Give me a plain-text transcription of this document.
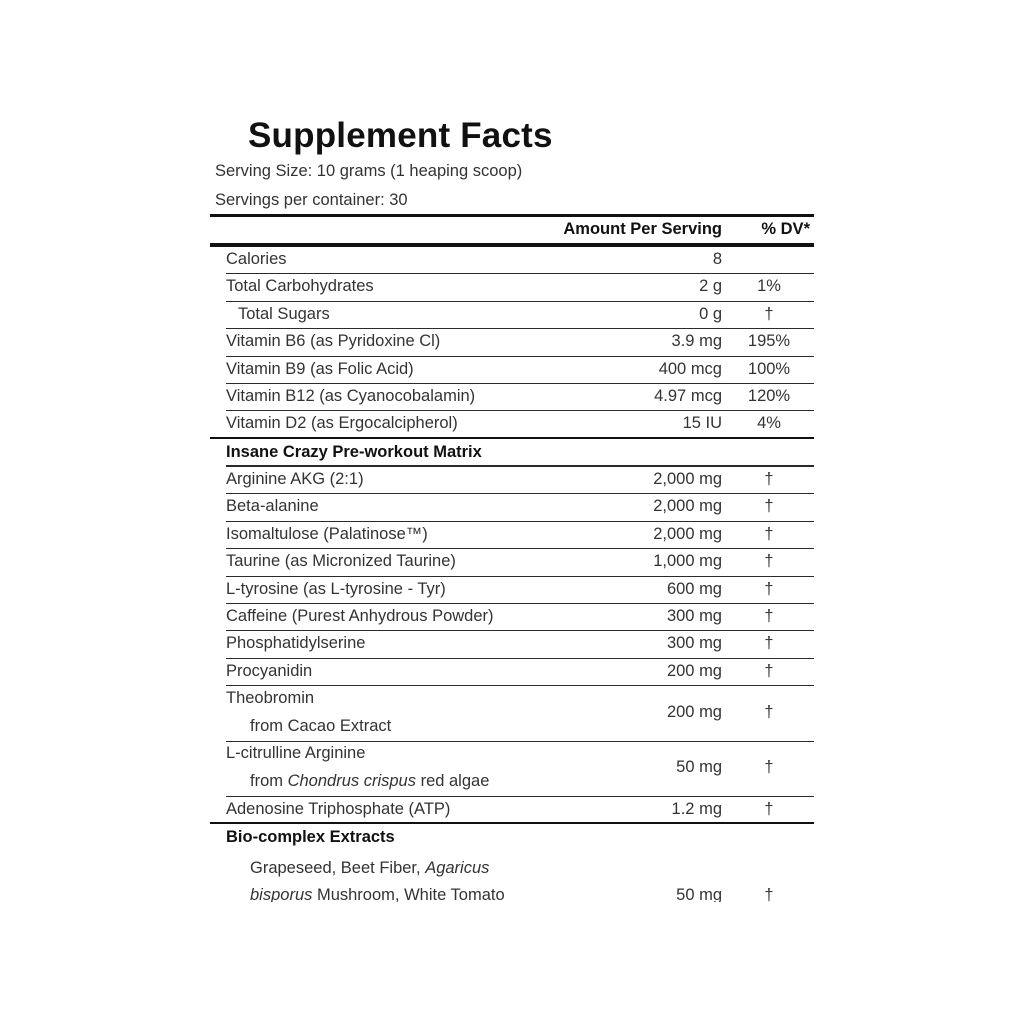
Supplement Facts
Serving Size: 10 grams (1 heaping scoop)
Servings per container: 30
Amount Per Serving % DV*
Calories	8
Total Carbohydrates	2 g	1%
Total Sugars	0 g	†
Vitamin B6 (as Pyridoxine Cl)	3.9 mg	195%
Vitamin B9 (as Folic Acid)	400 mcg	100%
Vitamin B12 (as Cyanocobalamin)	4.97 mcg	120%
Vitamin D2 (as Ergocalcipherol)	15 IU	4%
Insane Crazy Pre-workout Matrix
Arginine AKG (2:1)	2,000 mg	†
Beta-alanine	2,000 mg	†
Isomaltulose (Palatinose™)	2,000 mg	†
Taurine (as Micronized Taurine)	1,000 mg	†
L-tyrosine (as L-tyrosine - Tyr)	600 mg	†
Caffeine (Purest Anhydrous Powder)	300 mg	†
Phosphatidylserine	300 mg	†
Procyanidin	200 mg	†
Theobromin
from Cacao Extract
200 mg	†
L-citrulline Arginine
from Chondrus crispus red algae
50 mg	†
Adenosine Triphosphate (ATP)	1.2 mg	†
Bio-complex Extracts
Grapeseed, Beet Fiber, Agaricus
bisporus Mushroom, White Tomato	50 mg	†
